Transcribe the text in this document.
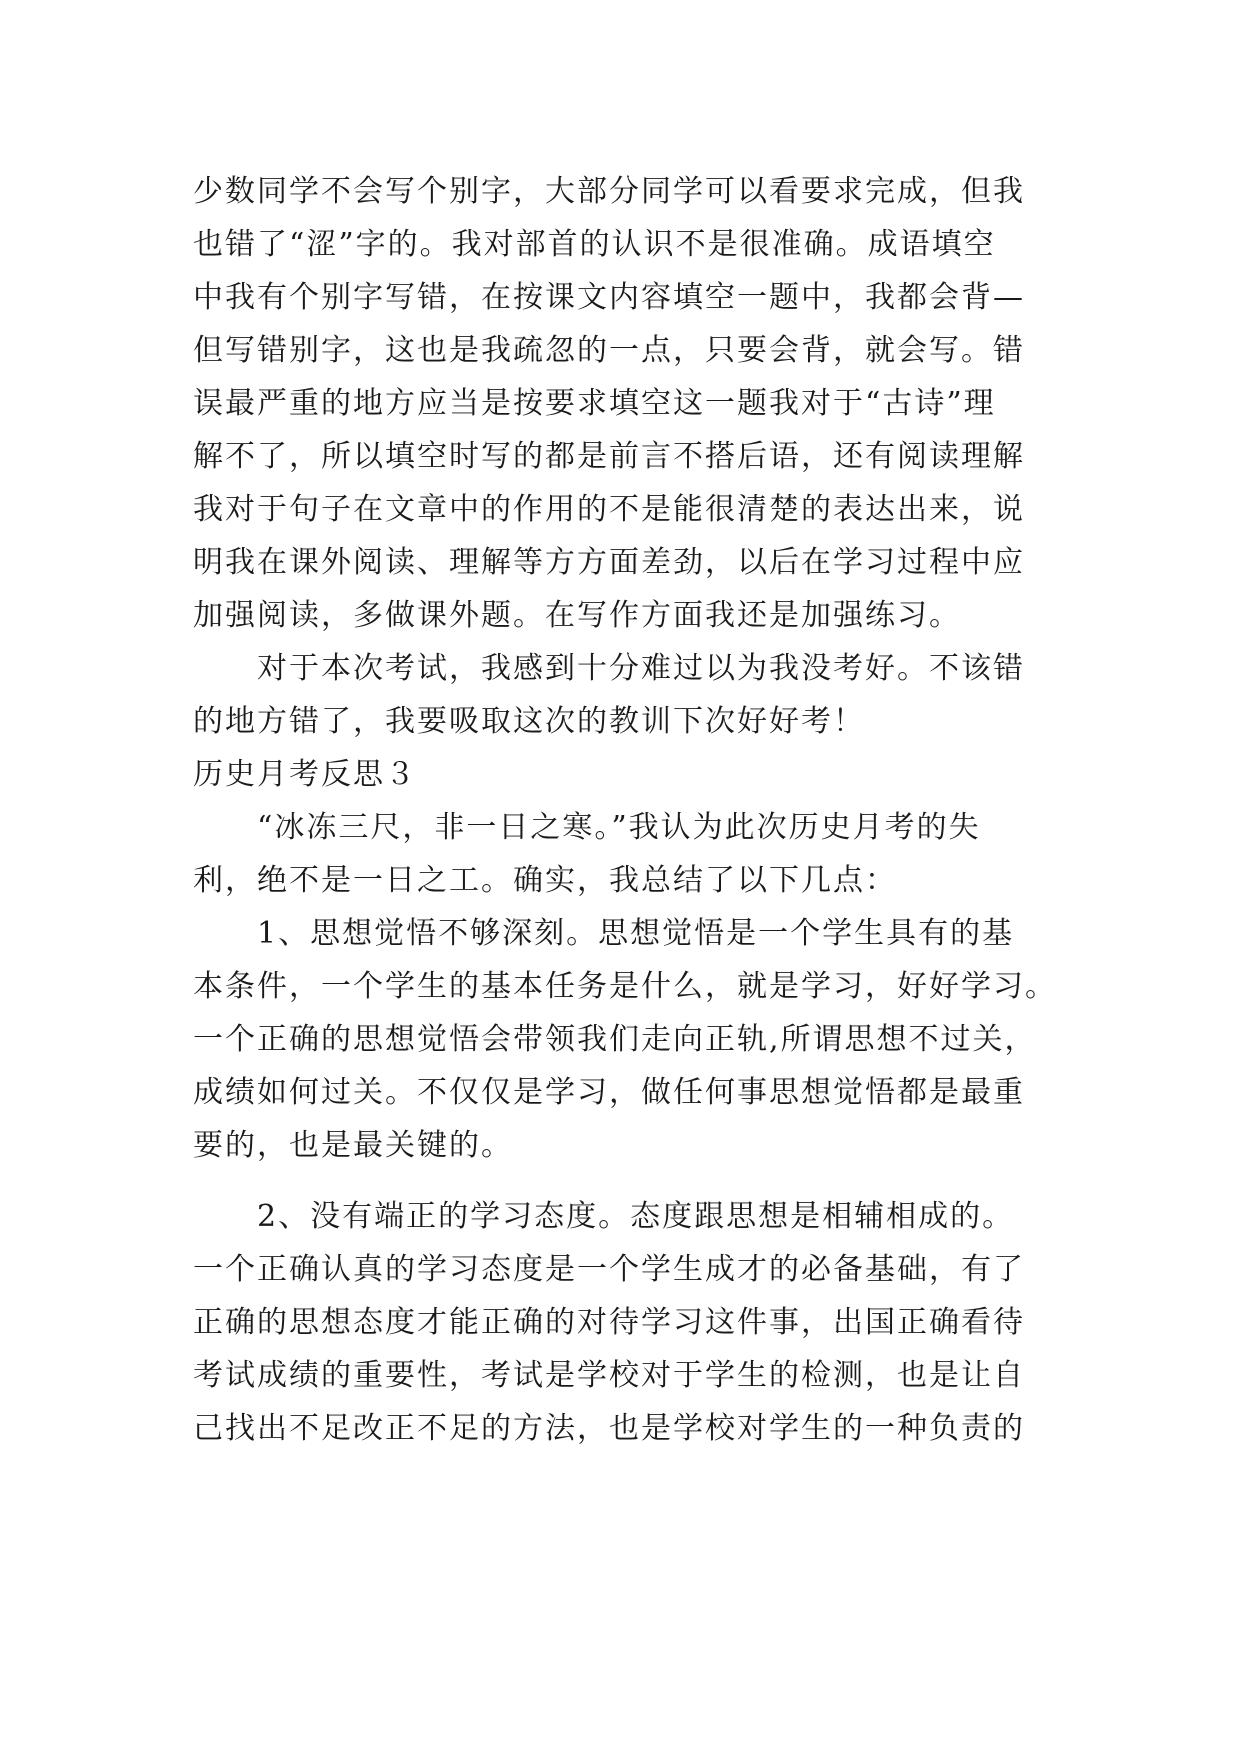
少数同学不会写个别字，大部分同学可以看要求完成，但我
也错了“涩”字的。我对部首的认识不是很准确。成语填空
中我有个别字写错，在按课文内容填空一题中，我都会背—
但写错别字，这也是我疏忽的一点，只要会背，就会写。错
误最严重的地方应当是按要求填空这一题我对于“古诗”理
解不了，所以填空时写的都是前言不搭后语，还有阅读理解
我对于句子在文章中的作用的不是能很清楚的表达出来，说
明我在课外阅读、理解等方方面差劲，以后在学习过程中应
加强阅读，多做课外题。在写作方面我还是加强练习。
　　对于本次考试，我感到十分难过以为我没考好。不该错
的地方错了，我要吸取这次的教训下次好好考！
历史月考反思３
　　“冰冻三尺，非一日之寒。”我认为此次历史月考的失
利，绝不是一日之工。确实，我总结了以下几点：
　　1、思想觉悟不够深刻。思想觉悟是一个学生具有的基
本条件，一个学生的基本任务是什么，就是学习，好好学习。
一个正确的思想觉悟会带领我们走向正轨,所谓思想不过关，
成绩如何过关。不仅仅是学习，做任何事思想觉悟都是最重
要的，也是最关键的。
　　2、没有端正的学习态度。态度跟思想是相辅相成的。
一个正确认真的学习态度是一个学生成才的必备基础，有了
正确的思想态度才能正确的对待学习这件事，出国正确看待
考试成绩的重要性，考试是学校对于学生的检测，也是让自
己找出不足改正不足的方法，也是学校对学生的一种负责的
